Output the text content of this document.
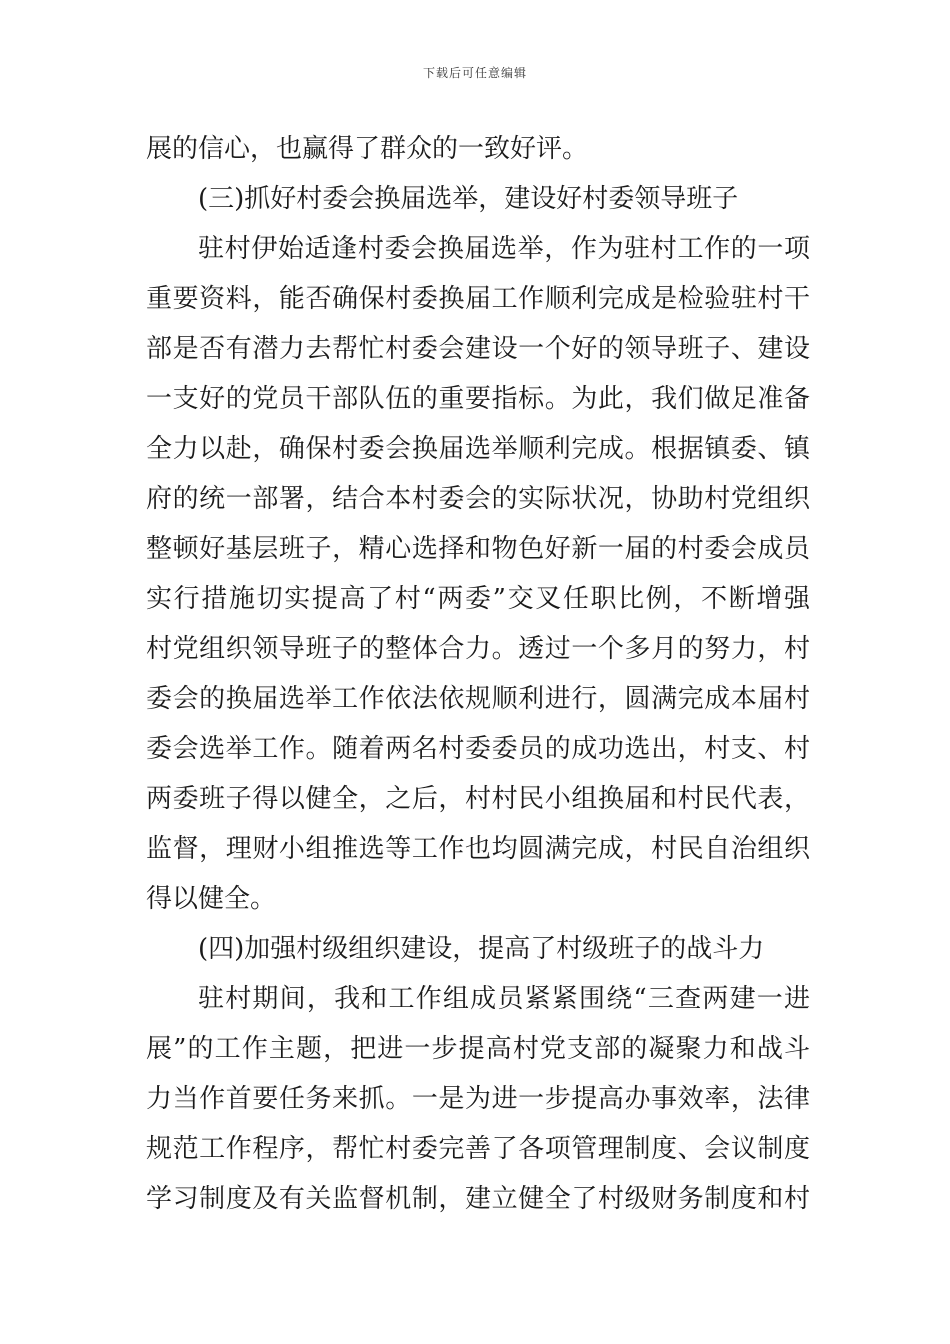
下载后可任意编辑
展的信心，也赢得了群众的一致好评。
(三)抓好村委会换届选举，建设好村委领导班子
驻村伊始适逢村委会换届选举，作为驻村工作的一项
重要资料，能否确保村委换届工作顺利完成是检验驻村干
部是否有潜力去帮忙村委会建设一个好的领导班子、建设
一支好的党员干部队伍的重要指标。为此，我们做足准备
全力以赴，确保村委会换届选举顺利完成。根据镇委、镇
府的统一部署，结合本村委会的实际状况，协助村党组织
整顿好基层班子，精心选择和物色好新一届的村委会成员
实行措施切实提高了村“两委”交叉任职比例，不断增强
村党组织领导班子的整体合力。透过一个多月的努力，村
委会的换届选举工作依法依规顺利进行，圆满完成本届村
委会选举工作。随着两名村委委员的成功选出，村支、村
两委班子得以健全，之后，村村民小组换届和村民代表，
监督，理财小组推选等工作也均圆满完成，村民自治组织
得以健全。
(四)加强村级组织建设，提高了村级班子的战斗力
驻村期间，我和工作组成员紧紧围绕“三查两建一进
展”的工作主题，把进一步提高村党支部的凝聚力和战斗
力当作首要任务来抓。一是为进一步提高办事效率，法律
规范工作程序，帮忙村委完善了各项管理制度、会议制度
学习制度及有关监督机制，建立健全了村级财务制度和村
